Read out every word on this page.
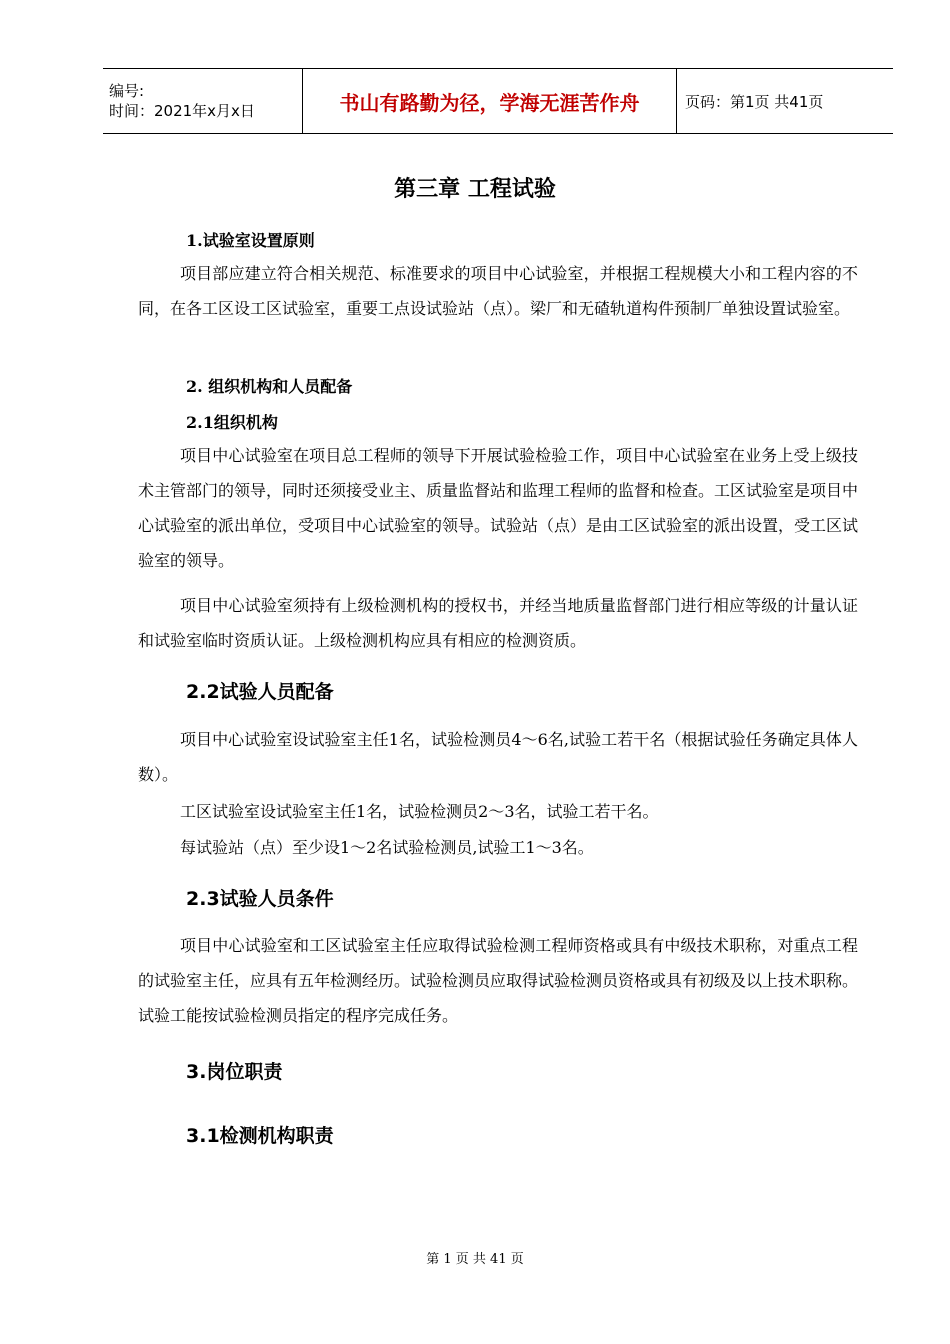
编号:
时间：2021年x月x日	书山有路勤为径，学海无涯苦作舟	页码：第1页 共41页
第三章 工程试验
1.试验室设置原则
项目部应建立符合相关规范、标准要求的项目中心试验室，并根据工程规模大小和工程内容的不同，在各工区设工区试验室，重要工点设试验站（点）。梁厂和无碴轨道构件预制厂单独设置试验室。
2. 组织机构和人员配备
2.1组织机构
项目中心试验室在项目总工程师的领导下开展试验检验工作，项目中心试验室在业务上受上级技术主管部门的领导，同时还须接受业主、质量监督站和监理工程师的监督和检查。工区试验室是项目中心试验室的派出单位，受项目中心试验室的领导。试验站（点）是由工区试验室的派出设置，受工区试验室的领导。
项目中心试验室须持有上级检测机构的授权书，并经当地质量监督部门进行相应等级的计量认证和试验室临时资质认证。上级检测机构应具有相应的检测资质。
2.2试验人员配备
项目中心试验室设试验室主任1名，试验检测员4～6名,试验工若干名（根据试验任务确定具体人数）。
工区试验室设试验室主任1名，试验检测员2～3名，试验工若干名。
每试验站（点）至少设1～2名试验检测员,试验工1～3名。
2.3试验人员条件
项目中心试验室和工区试验室主任应取得试验检测工程师资格或具有中级技术职称，对重点工程的试验室主任，应具有五年检测经历。试验检测员应取得试验检测员资格或具有初级及以上技术职称。试验工能按试验检测员指定的程序完成任务。
3.岗位职责
3.1检测机构职责
第 1 页 共 41 页
